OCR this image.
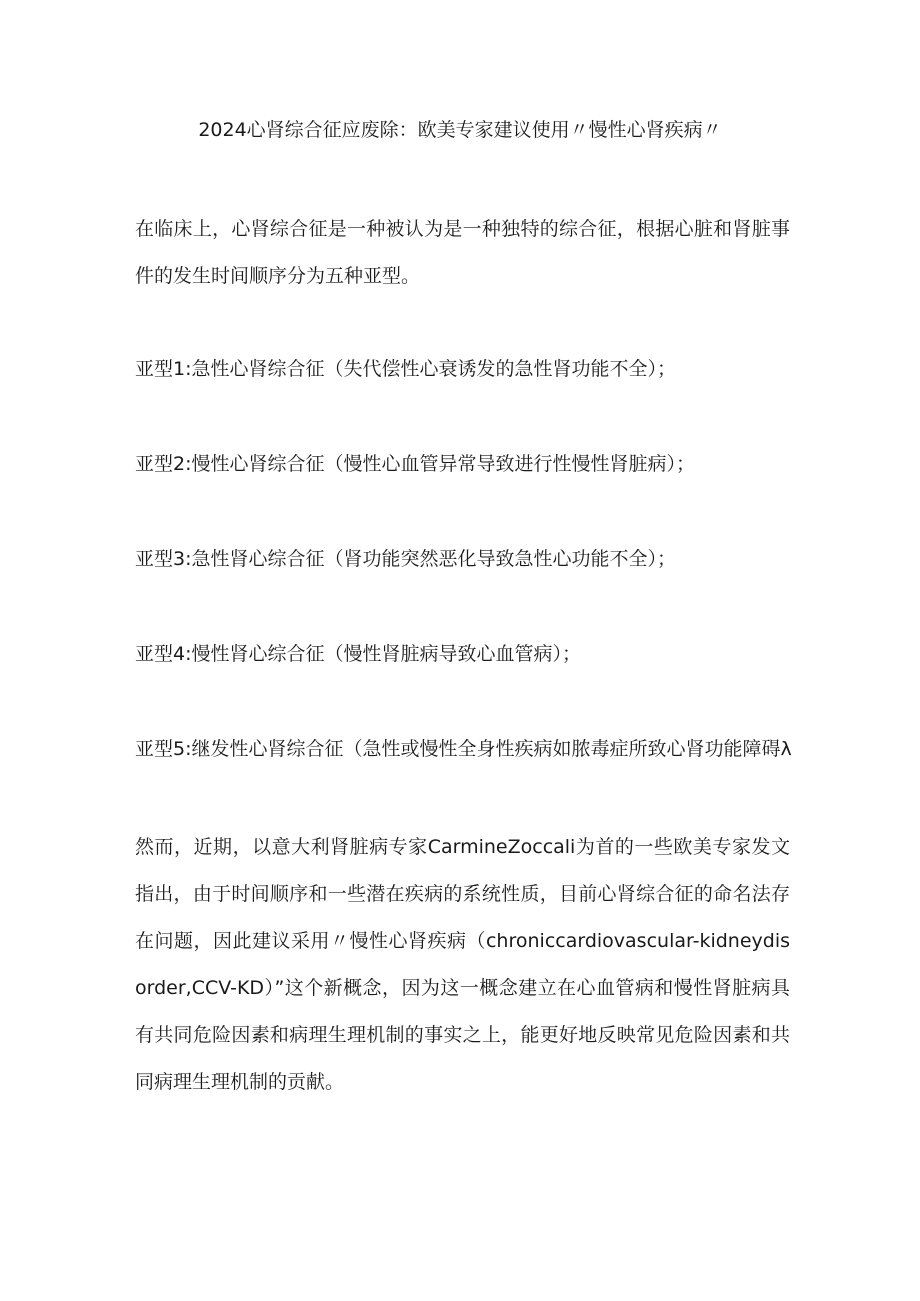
2024心肾综合征应废除：欧美专家建议使用〃慢性心肾疾病〃
在临床上，心肾综合征是一种被认为是一种独特的综合征，根据心脏和肾脏事件的发生时间顺序分为五种亚型。
亚型1:急性心肾综合征（失代偿性心衰诱发的急性肾功能不全）；
亚型2:慢性心肾综合征（慢性心血管异常导致进行性慢性肾脏病）；
亚型3:急性肾心综合征（肾功能突然恶化导致急性心功能不全）；
亚型4:慢性肾心综合征（慢性肾脏病导致心血管病）；
亚型5:继发性心肾综合征（急性或慢性全身性疾病如脓毒症所致心肾功能障碍λ
然而，近期，以意大利肾脏病专家CarmineZoccali为首的一些欧美专家发文指出，由于时间顺序和一些潜在疾病的系统性质，目前心肾综合征的命名法存在问题，因此建议采用〃慢性心肾疾病（chroniccardiovascular-kidneydisorder,CCV-KD）”这个新概念，因为这一概念建立在心血管病和慢性肾脏病具有共同危险因素和病理生理机制的事实之上，能更好地反映常见危险因素和共同病理生理机制的贡献。
